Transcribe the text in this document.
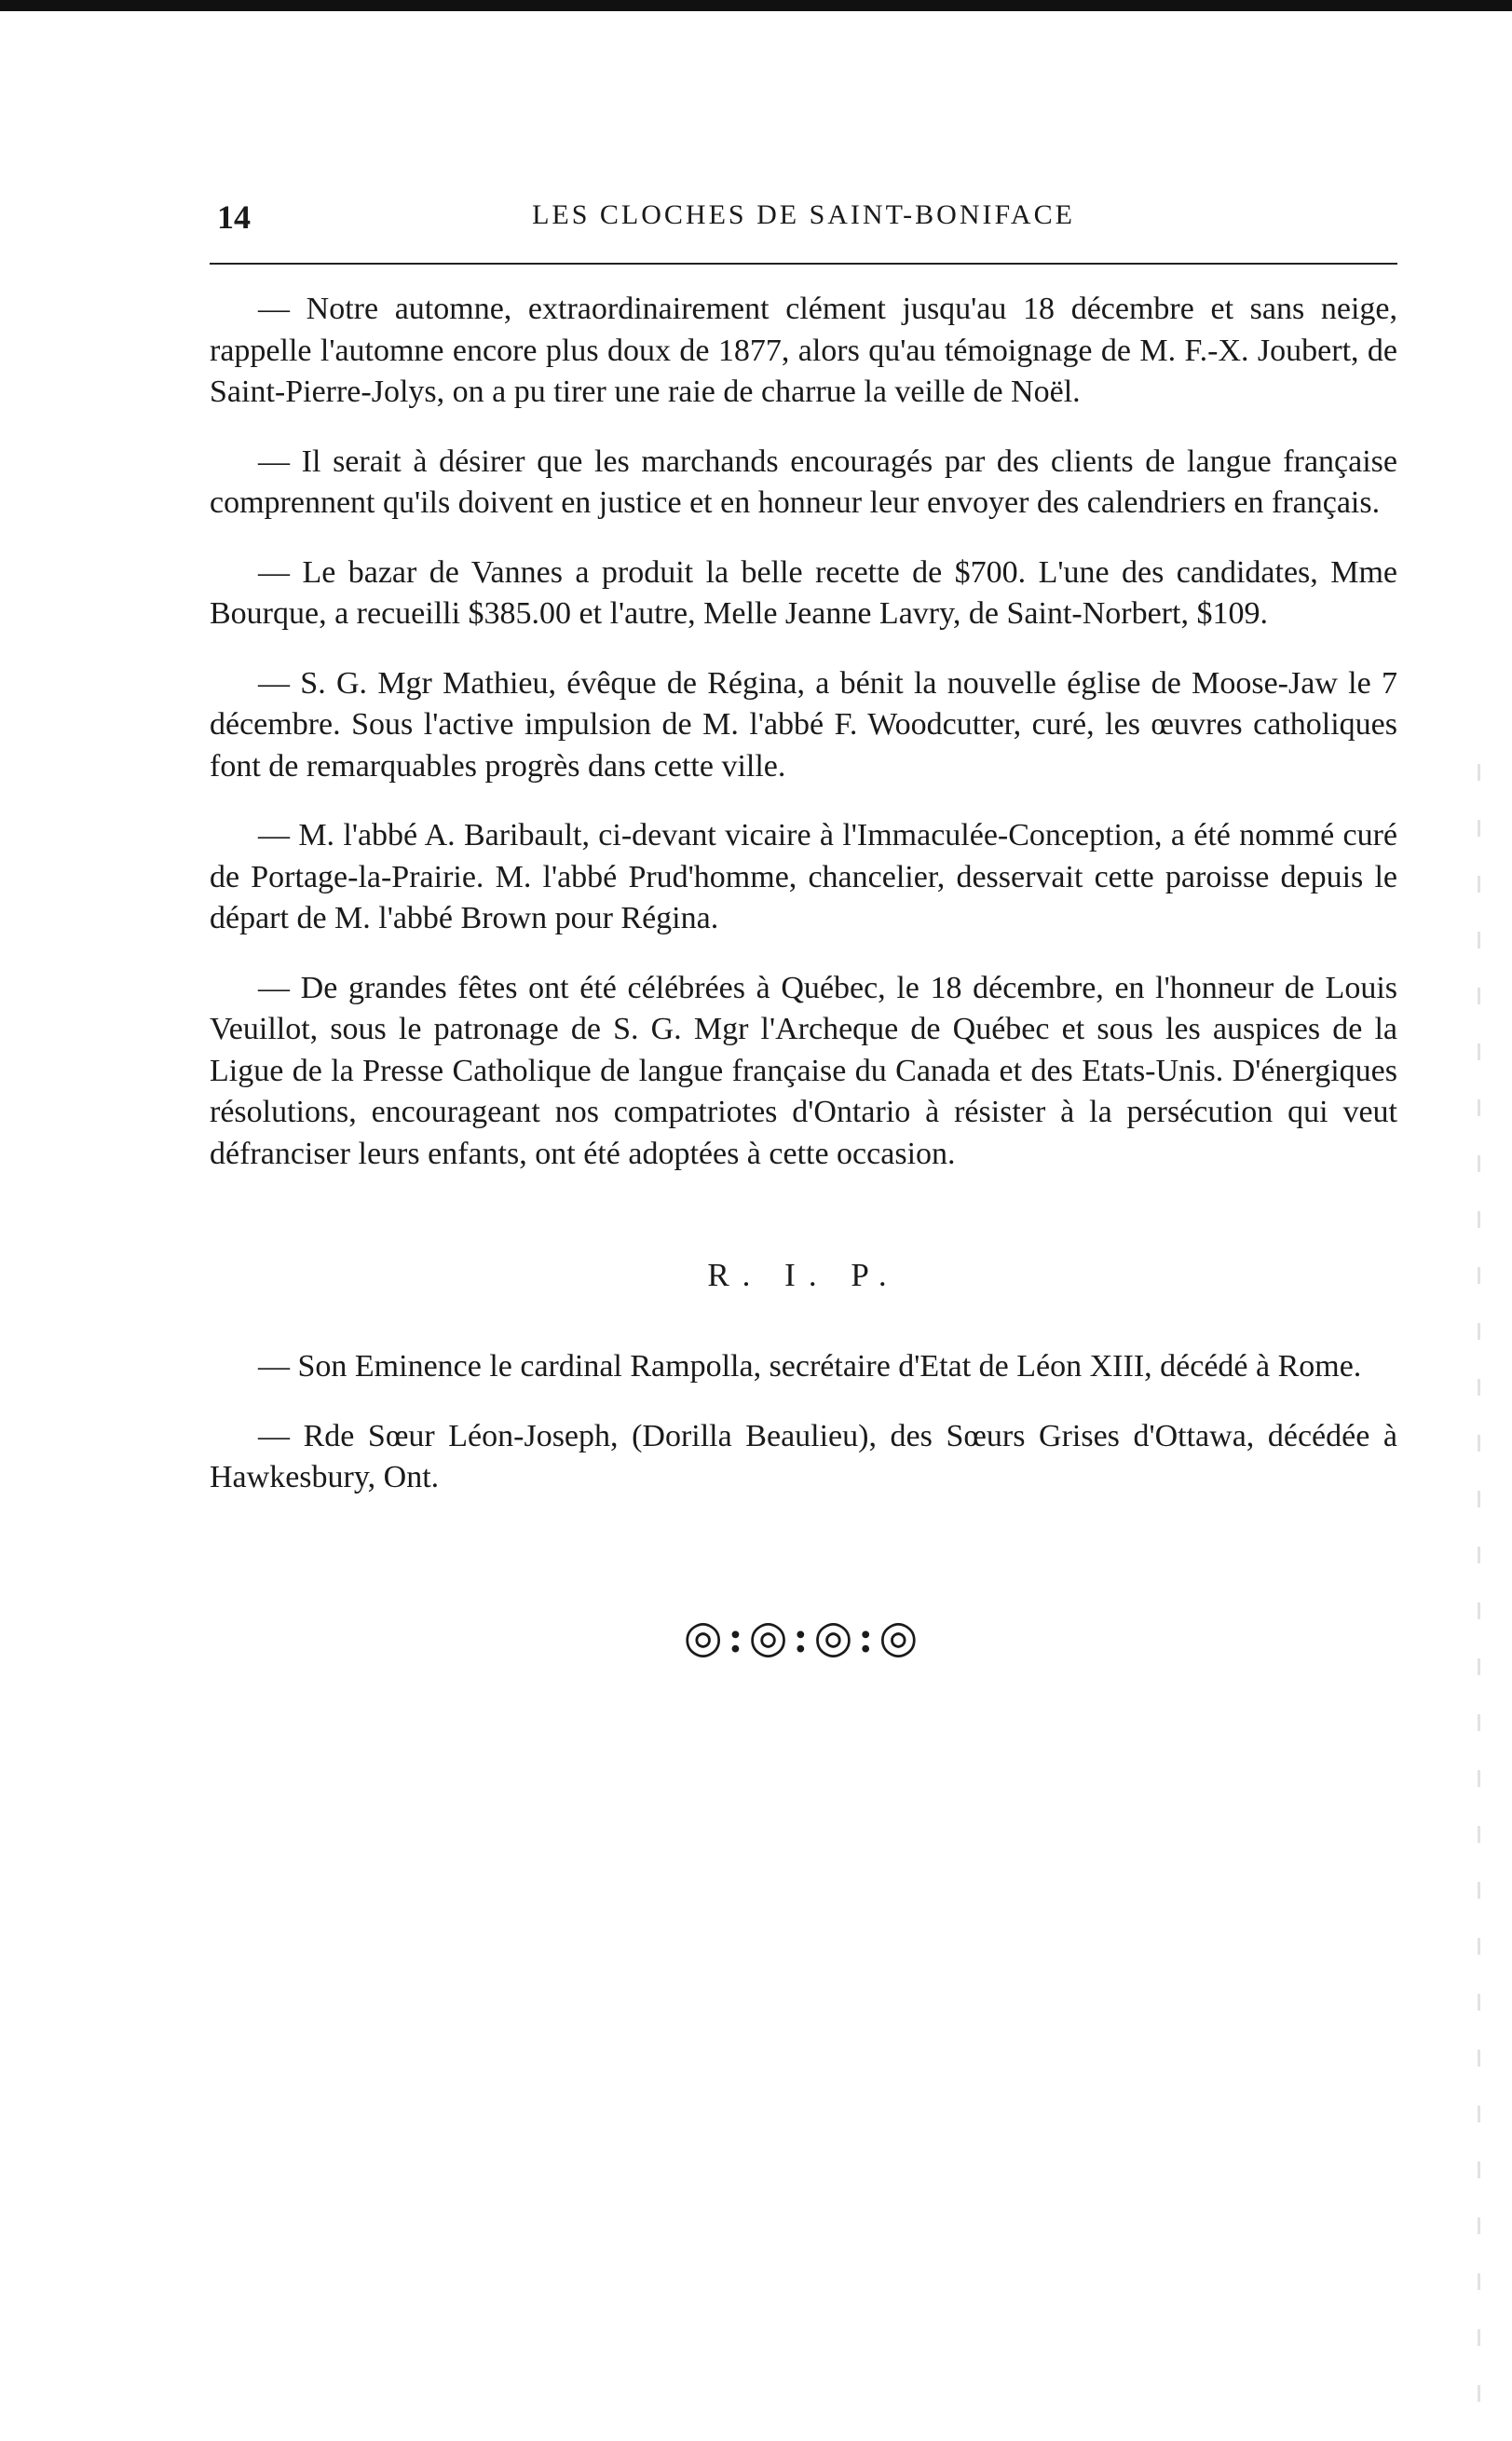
14	LES CLOCHES DE SAINT-BONIFACE

— Notre automne, extraordinairement clément jusqu'au 18 décembre et sans neige, rappelle l'automne encore plus doux de 1877, alors qu'au témoignage de M. F.-X. Joubert, de Saint-Pierre-Jolys, on a pu tirer une raie de charrue la veille de Noël.

— Il serait à désirer que les marchands encouragés par des clients de langue française comprennent qu'ils doivent en justice et en honneur leur envoyer des calendriers en français.

— Le bazar de Vannes a produit la belle recette de $700. L'une des candidates, Mme Bourque, a recueilli $385.00 et l'autre, Melle Jeanne Lavry, de Saint-Norbert, $109.

— S. G. Mgr Mathieu, évêque de Régina, a bénit la nouvelle église de Moose-Jaw le 7 décembre. Sous l'active impulsion de M. l'abbé F. Woodcutter, curé, les œuvres catholiques font de remarquables progrès dans cette ville.

— M. l'abbé A. Baribault, ci-devant vicaire à l'Immaculée-Conception, a été nommé curé de Portage-la-Prairie. M. l'abbé Prud'homme, chancelier, desservait cette paroisse depuis le départ de M. l'abbé Brown pour Régina.

— De grandes fêtes ont été célébrées à Québec, le 18 décembre, en l'honneur de Louis Veuillot, sous le patronage de S. G. Mgr l'Archeque de Québec et sous les auspices de la Ligue de la Presse Catholique de langue française du Canada et des Etats-Unis. D'énergiques résolutions, encourageant nos compatriotes d'Ontario à résister à la persécution qui veut défranciser leurs enfants, ont été adoptées à cette occasion.

R. I. P.

— Son Eminence le cardinal Rampolla, secrétaire d'Etat de Léon XIII, décédé à Rome.

— Rde Sœur Léon-Joseph, (Dorilla Beaulieu), des Sœurs Grises d'Ottawa, décédée à Hawkesbury, Ont.

◎:◎:◎:◎
